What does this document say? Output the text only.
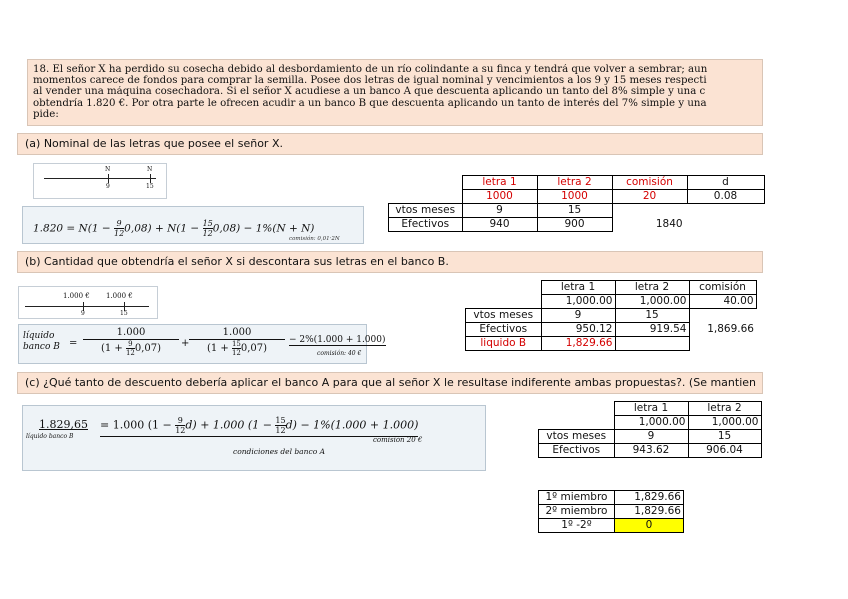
18. El señor X ha perdido su cosecha debido al desbordamiento de un río colindante a su finca y tendrá que volver a sembrar; aun
momentos carece de fondos para comprar la semilla. Posee dos letras de igual nominal y vencimientos a los 9 y 15 meses respecti
al vender una máquina cosechadora. Si el señor X acudiese a un banco A que descuenta aplicando un tanto del 8% simple y una c
obtendría 1.820 €. Por otra parte le ofrecen acudir a un banco B que descuenta aplicando un tanto de interés del 7% simple y una
pide:
(a) Nominal de las letras que posee el señor X.
N	N
9	15
$1.820 = N(1 - \frac{9}{12} 0,08) + N(1 - \frac{15}{12} 0,08) - 1\%(N + N)$
comisión: 0,01·2N
	letra 1	letra 2	comisión	d
	1000	1000	20	0.08
vtos meses	9	15		
Efectivos	940	900	1840	
(b) Cantidad que obtendría el señor X si descontara sus letras en el banco B.
1.000 € 1.000 €
9	15
líquido
banco B =
1.000
$(1 + \frac{9}{12} 0,07)$	+
1.000
$(1 + \frac{15}{12} 0,07)$
− 2%(1.000 + 1.000)
comisión: 40 €
	letra 1	letra 2	comisión
	1,000.00	1,000.00	40.00
vtos meses	9	15	
Efectivos	950.12	919.54	1,869.66
liquido B	1,829.66		
(c) ¿Qué tanto de descuento debería aplicar el banco A para que al señor X le resultase indiferente ambas propuestas?. (Se mantien
1.829,65
líquido banco B
= 1.000 $(1 - \frac{9}{12} d) + 1.000$ $(1 - \frac{15}{12} d) - 1\%(1.000 + 1.000)$
comisión 20 €
condiciones del banco A
	letra 1	letra 2
	1,000.00	1,000.00
vtos meses	9	15
Efectivos	943.62	906.04
1º miembro	1,829.66
2º miembro	1,829.66
1º -2º	0
